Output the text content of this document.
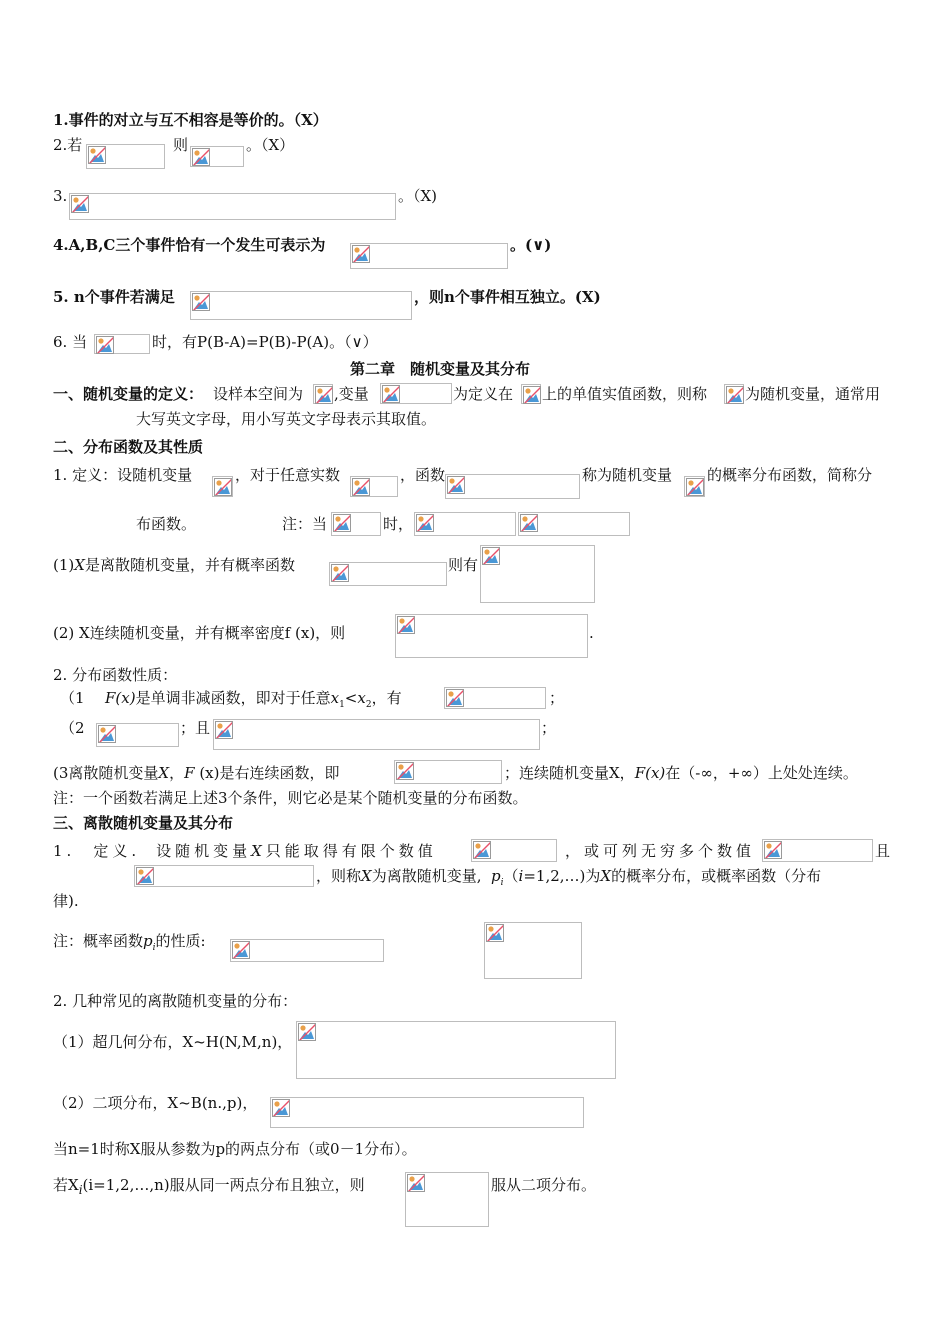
1.事件的对立与互不相容是等价的。（X）
2.若	则	。（X）
3.	。（X)
4.A,B,C三个事件恰有一个发生可表示为	。(∨)
5. n个事件若满足	，则n个事件相互独立。(X)
6. 当	时，有P(B-A)=P(B)-P(A)。（∨）
第二章　随机变量及其分布
一、随机变量的定义： 设样本空间为 ,变量	为定义在 上的单值实值函数，则称	为随机变量，通常用
大写英文字母，用小写英文字母表示其取值。
二、分布函数及其性质
1. 定义：设随机变量	，对于任意实数	，函数	称为随机变量 的概率分布函数，简称分
布函数。	注：当	时，
(1)X是离散随机变量，并有概率函数	则有
(2) X连续随机变量，并有概率密度f (x)，则	.
2. 分布函数性质：
（1 F(x)是单调非减函数，即对于任意$x_1<x_2$，有	；
（2	；且	；
(3离散随机变量X，F (x)是右连续函数，即	；连续随机变量X，F(x)在（-∞，+∞）上处处连续。
注：一个函数若满足上述3个条件，则它必是某个随机变量的分布函数。
三、离散随机变量及其分布
1. 定义. 设随机变量X只能取得有限个数值	，或可列无穷多个数值	且
，则称X为离散随机变量, $p_i(i=1,2,\dots)$为X的概率分布，或概率函数（分布
律).
注：概率函数$p_i$的性质:
2. 几种常见的离散随机变量的分布：
（1）超几何分布，X~H(N,M,n)，
（2）二项分布，X~B(n.,p)，
当n=1时称X服从参数为p的两点分布（或0－1分布）。
若$X_i(i=1,2,\dots,n)$服从同一两点分布且独立，则	服从二项分布。
